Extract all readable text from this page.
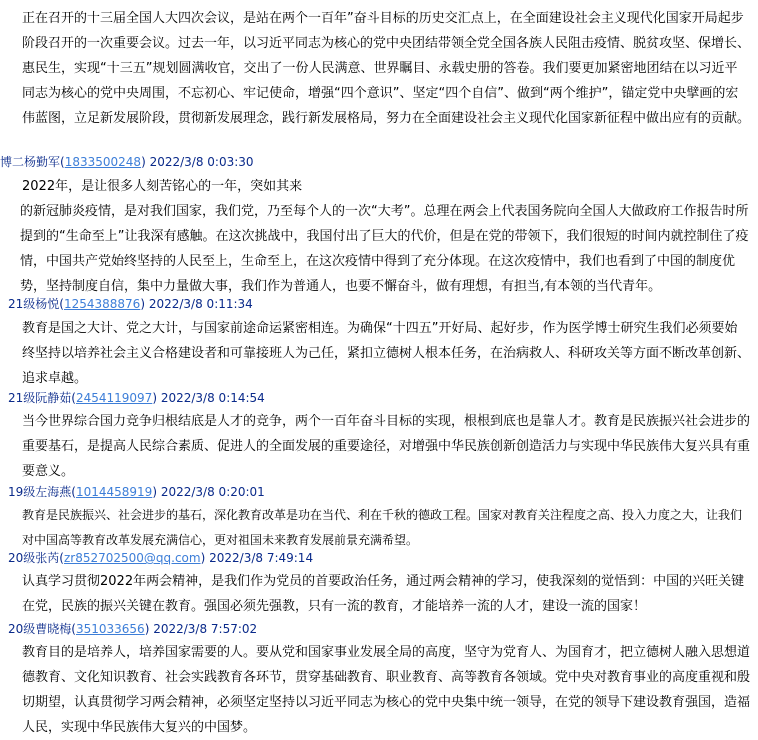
正在召开的十三届全国人大四次会议，是站在两个一百年”奋斗目标的历史交汇点上，在全面建设社会主义现代化国家开局起步阶段召开的一次重要会议。过去一年，以习近平同志为核心的党中央团结带领全党全国各族人民阻击疫情、脱贫攻坚、保增长、惠民生，实现“十三五”规划圆满收官，交出了一份人民满意、世界瞩目、永载史册的答卷。我们要更加紧密地团结在以习近平同志为核心的党中央周围，不忘初心、牢记使命，增强“四个意识”、坚定“四个自信”、做到“两个维护”，锚定党中央擘画的宏伟蓝图，立足新发展阶段，贯彻新发展理念，践行新发展格局，努力在全面建设社会主义现代化国家新征程中做出应有的贡献。

博二杨勤军(1833500248) 2022/3/8 0:03:30

2022年，是让很多人刻苦铭心的一年，突如其来

的新冠肺炎疫情，是对我们国家，我们党，乃至每个人的一次“大考”。总理在两会上代表国务院向全国人大做政府工作报告时所提到的“生命至上”让我深有感触。在这次挑战中，我国付出了巨大的代价，但是在党的带领下，我们很短的时间内就控制住了疫情，中国共产党始终坚持的人民至上，生命至上，在这次疫情中得到了充分体现。在这次疫情中，我们也看到了中国的制度优势，坚持制度自信，集中力量做大事，我们作为普通人，也要不懈奋斗，做有理想，有担当,有本领的当代青年。

21级杨悦(1254388876) 2022/3/8 0:11:34

教育是国之大计、党之大计，与国家前途命运紧密相连。为确保“十四五”开好局、起好步，作为医学博士研究生我们必须要始终坚持以培养社会主义合格建设者和可靠接班人为己任，紧扣立德树人根本任务，在治病救人、科研攻关等方面不断改革创新、追求卓越。

21级阮静茹(2454119097) 2022/3/8 0:14:54

当今世界综合国力竞争归根结底是人才的竞争，两个一百年奋斗目标的实现，根根到底也是靠人才。教育是民族振兴社会进步的重要基石，是提高人民综合素质、促进人的全面发展的重要途径，对增强中华民族创新创造活力与实现中华民族伟大复兴具有重要意义。

19级左海燕(1014458919) 2022/3/8 0:20:01

教育是民族振兴、社会进步的基石，深化教育改革是功在当代、利在千秋的德政工程。国家对教育关注程度之高、投入力度之大，让我们对中国高等教育改革发展充满信心，更对祖国未来教育发展前景充满希望。

20级张芮(zr852702500@qq.com) 2022/3/8 7:49:14

认真学习贯彻2022年两会精神，是我们作为党员的首要政治任务，通过两会精神的学习，使我深刻的觉悟到：中国的兴旺关键在党，民族的振兴关键在教育。强国必须先强教，只有一流的教育，才能培养一流的人才，建设一流的国家！

20级曹晓梅(351033656) 2022/3/8 7:57:02

教育目的是培养人，培养国家需要的人。要从党和国家事业发展全局的高度，坚守为党育人、为国育才，把立德树人融入思想道德教育、文化知识教育、社会实践教育各环节，贯穿基础教育、职业教育、高等教育各领域。党中央对教育事业的高度重视和殷切期望，认真贯彻学习两会精神，必须坚定坚持以习近平同志为核心的党中央集中统一领导，在党的领导下建设教育强国，造福人民，实现中华民族伟大复兴的中国梦。
